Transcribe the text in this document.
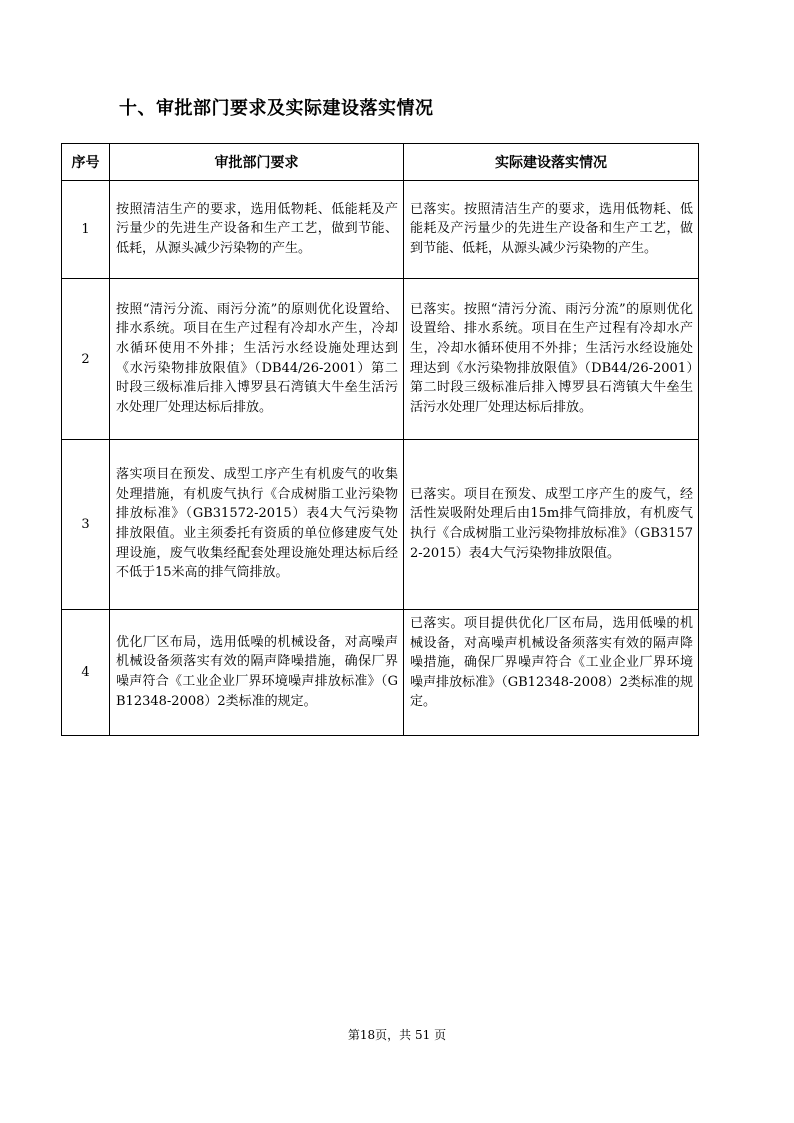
十、审批部门要求及实际建设落实情况
序号	审批部门要求	实际建设落实情况
1	按照清洁生产的要求，选用低物耗、低能耗及产污量少的先进生产设备和生产工艺，做到节能、低耗，从源头减少污染物的产生。	已落实。按照清洁生产的要求，选用低物耗、低能耗及产污量少的先进生产设备和生产工艺，做到节能、低耗，从源头减少污染物的产生。
2	按照“清污分流、雨污分流”的原则优化设置给、排水系统。项目在生产过程有冷却水产生，冷却水循环使用不外排；生活污水经设施处理达到《水污染物排放限值》（DB44/26-2001）第二时段三级标准后排入博罗县石湾镇大牛垒生活污水处理厂处理达标后排放。	已落实。按照“清污分流、雨污分流”的原则优化设置给、排水系统。项目在生产过程有冷却水产生，冷却水循环使用不外排；生活污水经设施处理达到《水污染物排放限值》（DB44/26-2001）第二时段三级标准后排入博罗县石湾镇大牛垒生活污水处理厂处理达标后排放。
3	落实项目在预发、成型工序产生有机废气的收集处理措施，有机废气执行《合成树脂工业污染物排放标准》（GB31572-2015）表4大气污染物排放限值。业主须委托有资质的单位修建废气处理设施，废气收集经配套处理设施处理达标后经不低于15米高的排气筒排放。	已落实。项目在预发、成型工序产生的废气，经活性炭吸附处理后由15m排气筒排放，有机废气执行《合成树脂工业污染物排放标准》（GB31572-2015）表4大气污染物排放限值。
4	优化厂区布局，选用低噪的机械设备，对高噪声机械设备须落实有效的隔声降噪措施，确保厂界噪声符合《工业企业厂界环境噪声排放标准》（GB12348-2008）2类标准的规定。	已落实。项目提供优化厂区布局，选用低噪的机械设备，对高噪声机械设备须落实有效的隔声降噪措施，确保厂界噪声符合《工业企业厂界环境噪声排放标准》（GB12348-2008）2类标准的规定。
第18页，共 51 页
